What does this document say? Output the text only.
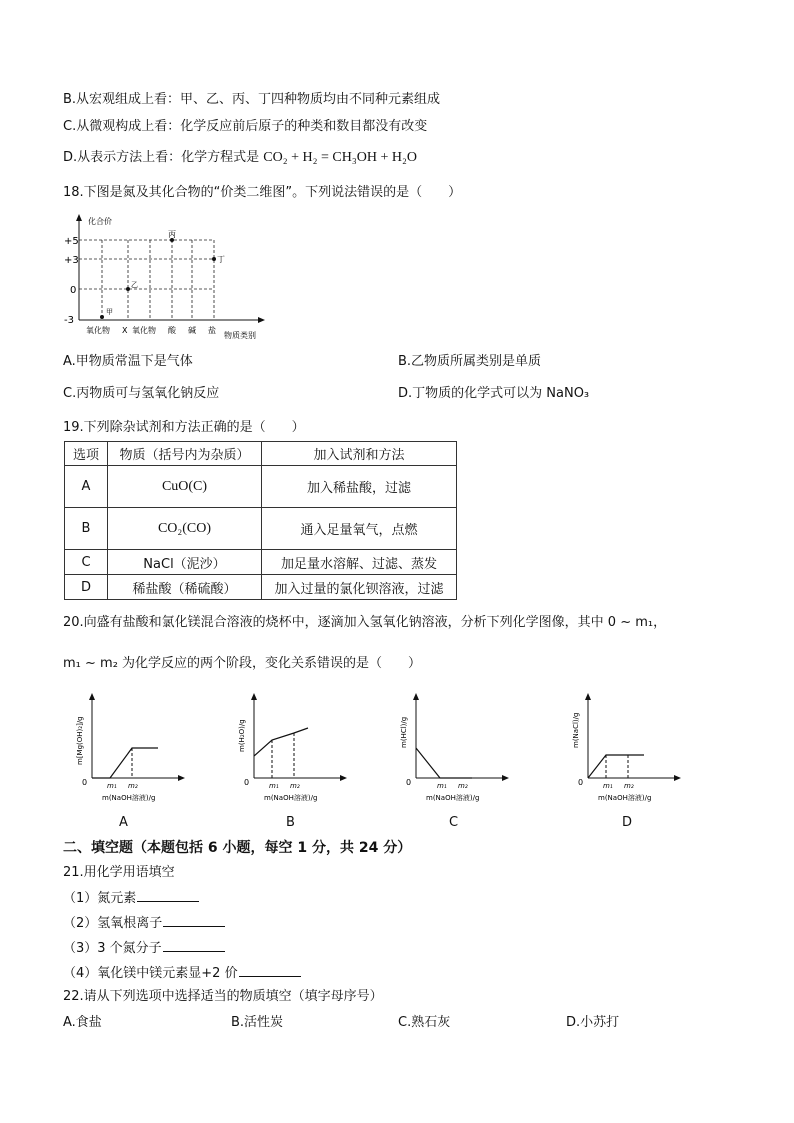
B.从宏观组成上看：甲、乙、丙、丁四种物质均由不同种元素组成
C.从微观构成上看：化学反应前后原子的种类和数目都没有改变
D.从表示方法上看：化学方程式是 CO₂ + H₂ = CH₃OH + H₂O
18.下图是氮及其化合物的“价类二维图”。下列说法错误的是（　　）
化合价
+5
+3
0
-3
丙
丁
乙
甲
氧化物 X 氧化物 酸 碱 盐
物质类别
A.甲物质常温下是气体	B.乙物质所属类别是单质
C.丙物质可与氢氧化钠反应	D.丁物质的化学式可以为 NaNO₃
19.下列除杂试剂和方法正确的是（　　）
选项	物质（括号内为杂质）	加入试剂和方法
A	CuO(C)	加入稀盐酸，过滤
B	CO₂(CO)	通入足量氧气，点燃
C	NaCl（泥沙）	加足量水溶解、过滤、蒸发
D	稀盐酸（稀硫酸）	加入过量的氯化钡溶液，过滤
20.向盛有盐酸和氯化镁混合溶液的烧杯中，逐滴加入氢氧化钠溶液，分析下列化学图像，其中 0 ~ m₁，
m₁ ~ m₂ 为化学反应的两个阶段，变化关系错误的是（　　）
0	m₁ m₂
m(NaOH溶液)/g
m[Mg(OH)₂]/g
A
0	m₁ m₂
m(NaOH溶液)/g
m(H₂O)/g
B
0	m₁ m₂
m(NaOH溶液)/g
m(HCl)/g
C
0	m₁ m₂
m(NaOH溶液)/g
m(NaCl)/g
D
二、填空题（本题包括 6 小题，每空 1 分，共 24 分）
21.用化学用语填空
（1）氮元素
（2）氢氧根离子
（3）3 个氮分子
（4）氧化镁中镁元素显+2 价
22.请从下列选项中选择适当的物质填空（填字母序号）
A.食盐	B.活性炭	C.熟石灰	D.小苏打
